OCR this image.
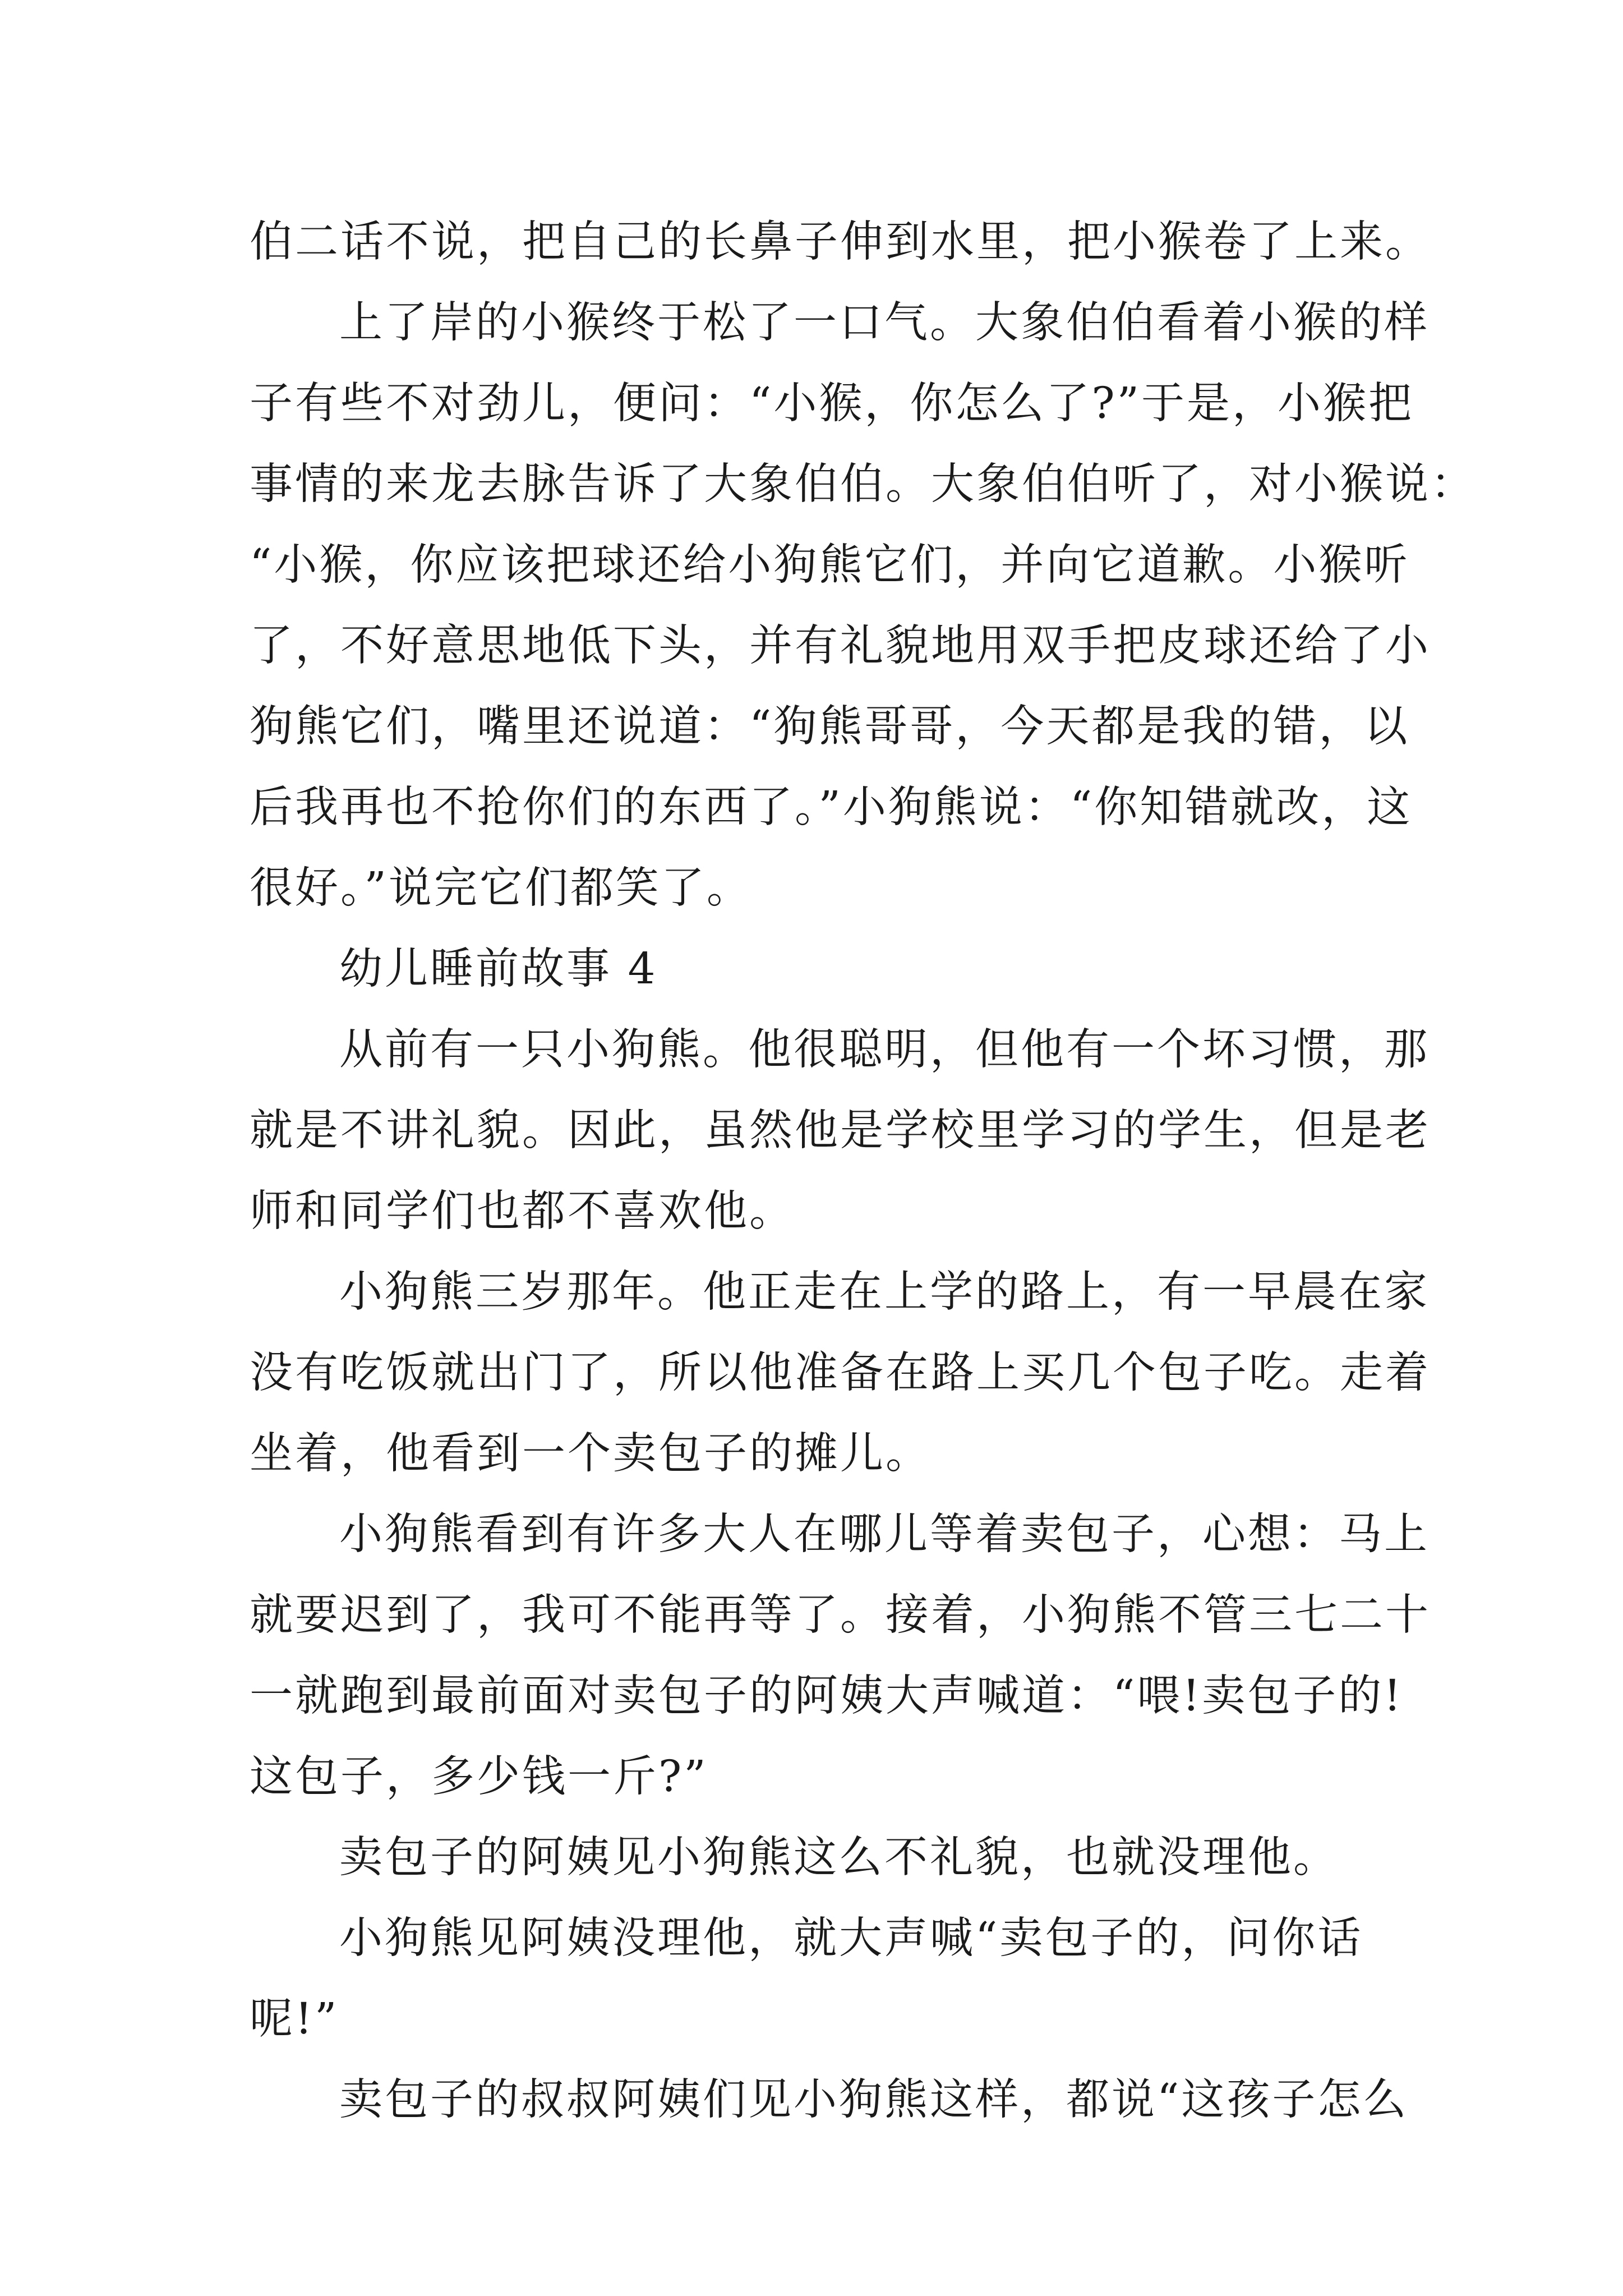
伯二话不说，把自己的长鼻子伸到水里，把小猴卷了上来。
上了岸的小猴终于松了一口气。大象伯伯看着小猴的样
子有些不对劲儿，便问：“小猴，你怎么了?”于是，小猴把
事情的来龙去脉告诉了大象伯伯。大象伯伯听了，对小猴说：
“小猴，你应该把球还给小狗熊它们，并向它道歉。小猴听
了，不好意思地低下头，并有礼貌地用双手把皮球还给了小
狗熊它们，嘴里还说道：“狗熊哥哥，今天都是我的错，以
后我再也不抢你们的东西了。”小狗熊说：“你知错就改，这
很好。”说完它们都笑了。
幼儿睡前故事 4
从前有一只小狗熊。他很聪明，但他有一个坏习惯，那
就是不讲礼貌。因此，虽然他是学校里学习的学生，但是老
师和同学们也都不喜欢他。
小狗熊三岁那年。他正走在上学的路上，有一早晨在家
没有吃饭就出门了，所以他准备在路上买几个包子吃。走着
坐着，他看到一个卖包子的摊儿。
小狗熊看到有许多大人在哪儿等着卖包子，心想：马上
就要迟到了，我可不能再等了。接着，小狗熊不管三七二十
一就跑到最前面对卖包子的阿姨大声喊道：“喂!卖包子的!
这包子，多少钱一斤?”
卖包子的阿姨见小狗熊这么不礼貌，也就没理他。
小狗熊见阿姨没理他，就大声喊“卖包子的，问你话
呢!”
卖包子的叔叔阿姨们见小狗熊这样，都说“这孩子怎么
